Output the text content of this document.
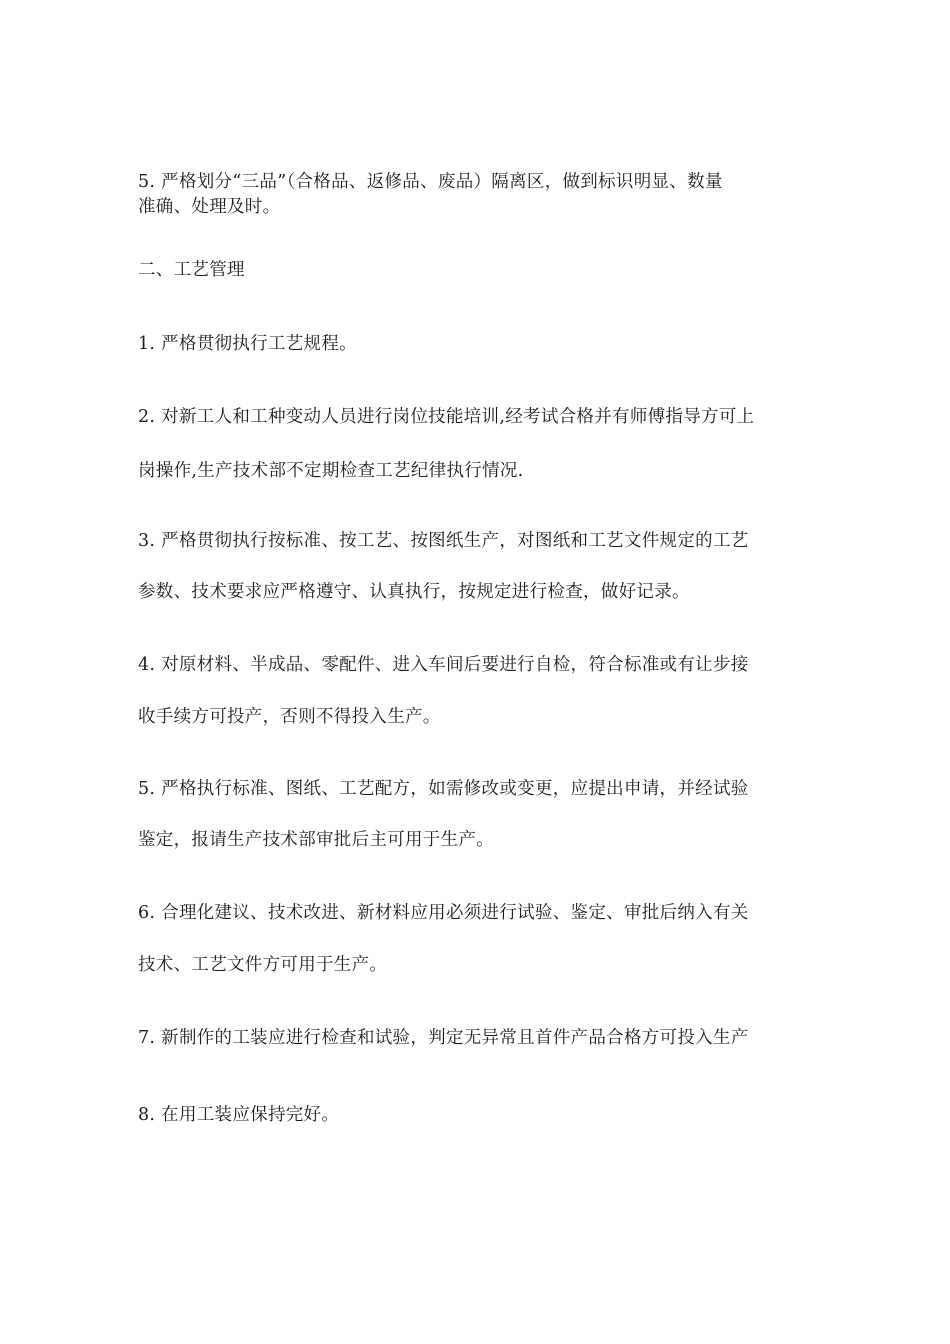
5. 严格划分“三品”（合格品、返修品、废品）隔离区，做到标识明显、数量
准确、处理及时。
二、工艺管理
1. 严格贯彻执行工艺规程。
2. 对新工人和工种变动人员进行岗位技能培训,经考试合格并有师傅指导方可上
岗操作,生产技术部不定期检查工艺纪律执行情况.
3. 严格贯彻执行按标准、按工艺、按图纸生产，对图纸和工艺文件规定的工艺
参数、技术要求应严格遵守、认真执行，按规定进行检查，做好记录。
4. 对原材料、半成品、零配件、进入车间后要进行自检，符合标准或有让步接
收手续方可投产，否则不得投入生产。
5. 严格执行标准、图纸、工艺配方，如需修改或变更，应提出申请，并经试验
鉴定，报请生产技术部审批后主可用于生产。
6. 合理化建议、技术改进、新材料应用必须进行试验、鉴定、审批后纳入有关
技术、工艺文件方可用于生产。
7. 新制作的工装应进行检查和试验，判定无异常且首件产品合格方可投入生产
8. 在用工装应保持完好。
